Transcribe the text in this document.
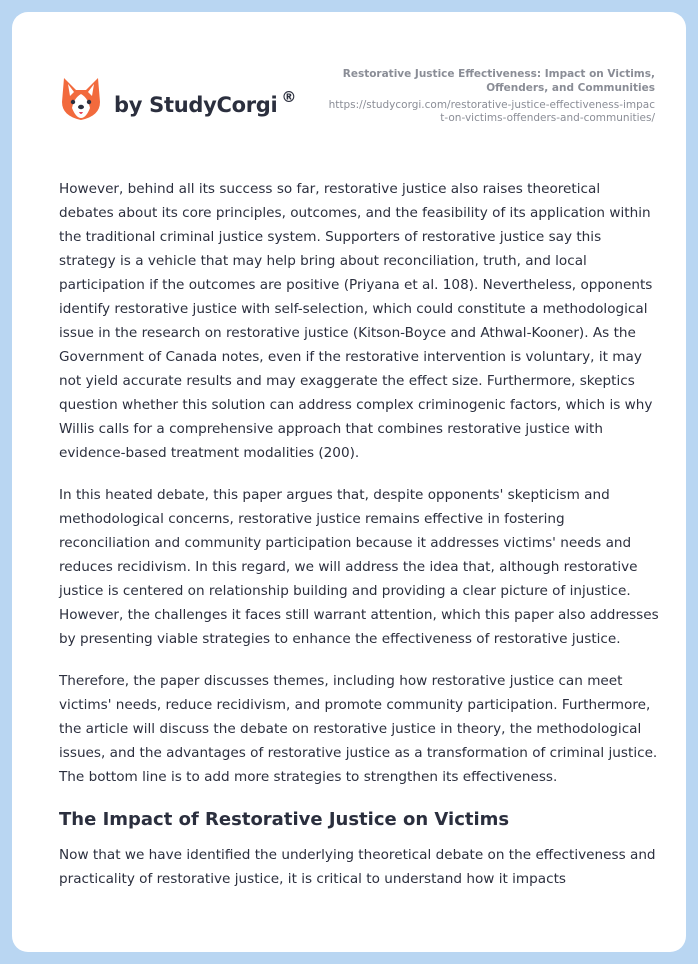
by StudyCorgi ®
Restorative Justice Effectiveness: Impact on Victims, Offenders, and Communities
https://studycorgi.com/restorative-justice-effectiveness-impact-on-victims-offenders-and-communities/

However, behind all its success so far, restorative justice also raises theoretical debates about its core principles, outcomes, and the feasibility of its application within the traditional criminal justice system. Supporters of restorative justice say this strategy is a vehicle that may help bring about reconciliation, truth, and local participation if the outcomes are positive (Priyana et al. 108). Nevertheless, opponents identify restorative justice with self-selection, which could constitute a methodological issue in the research on restorative justice (Kitson-Boyce and Athwal-Kooner). As the Government of Canada notes, even if the restorative intervention is voluntary, it may not yield accurate results and may exaggerate the effect size. Furthermore, skeptics question whether this solution can address complex criminogenic factors, which is why Willis calls for a comprehensive approach that combines restorative justice with evidence-based treatment modalities (200).

In this heated debate, this paper argues that, despite opponents' skepticism and methodological concerns, restorative justice remains effective in fostering reconciliation and community participation because it addresses victims' needs and reduces recidivism. In this regard, we will address the idea that, although restorative justice is centered on relationship building and providing a clear picture of injustice. However, the challenges it faces still warrant attention, which this paper also addresses by presenting viable strategies to enhance the effectiveness of restorative justice.

Therefore, the paper discusses themes, including how restorative justice can meet victims' needs, reduce recidivism, and promote community participation. Furthermore, the article will discuss the debate on restorative justice in theory, the methodological issues, and the advantages of restorative justice as a transformation of criminal justice. The bottom line is to add more strategies to strengthen its effectiveness.

The Impact of Restorative Justice on Victims

Now that we have identified the underlying theoretical debate on the effectiveness and practicality of restorative justice, it is critical to understand how it impacts
